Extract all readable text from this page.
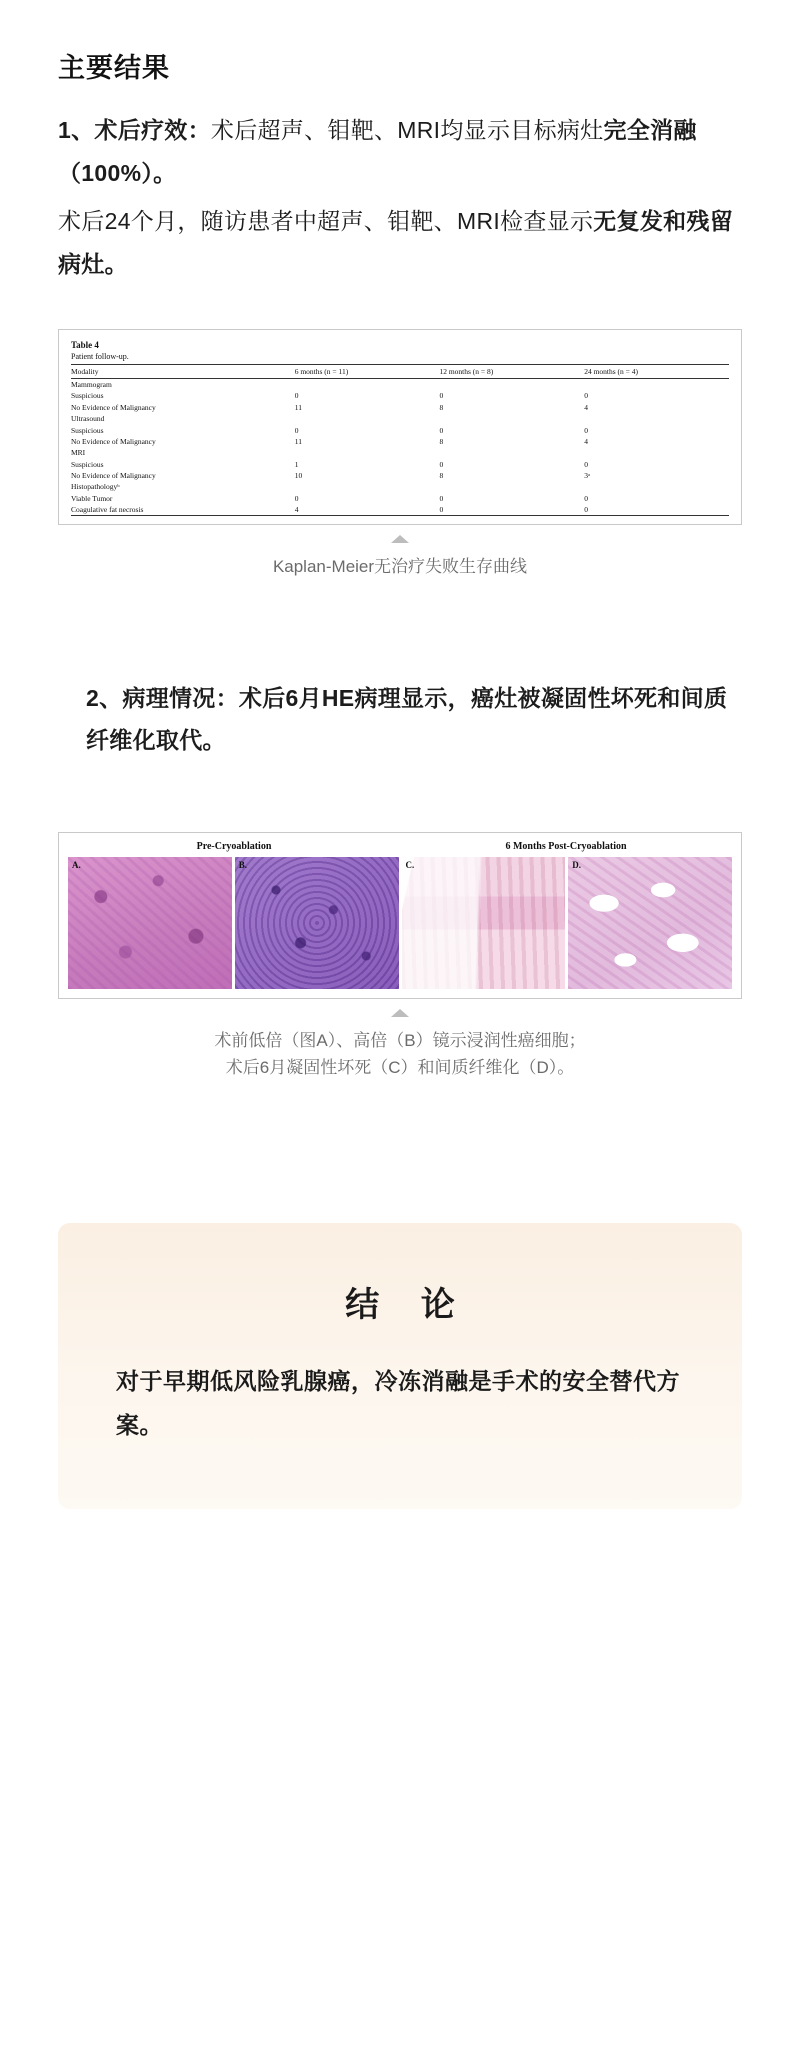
主要结果

1、术后疗效：术后超声、钼靶、MRI均显示目标病灶完全消融（100%）。

术后24个月，随访患者中超声、钼靶、MRI检查显示无复发和残留病灶。

Table 4
Patient follow-up.
Modality	6 months (n = 11)	12 months (n = 8)	24 months (n = 4)
Mammogram			
Suspicious	0	0	0
No Evidence of Malignancy	11	8	4
Ultrasound			
Suspicious	0	0	0
No Evidence of Malignancy	11	8	4
MRI			
Suspicious	1	0	0
No Evidence of Malignancy	10	8	3ᵃ
Histopathologyᵇ			
Viable Tumor	0	0	0
Coagulative fat necrosis	4	0	0
Kaplan-Meier无治疗失败生存曲线

2、病理情况：术后6月HE病理显示，癌灶被凝固性坏死和间质纤维化取代。

Pre-Cryoablation	6 Months Post-Cryoablation
A.	B.	C.	D.
术前低倍（图A）、高倍（B）镜示浸润性癌细胞；
术后6月凝固性坏死（C）和间质纤维化（D）。
结 论
对于早期低风险乳腺癌，冷冻消融是手术的安全替代方案。
